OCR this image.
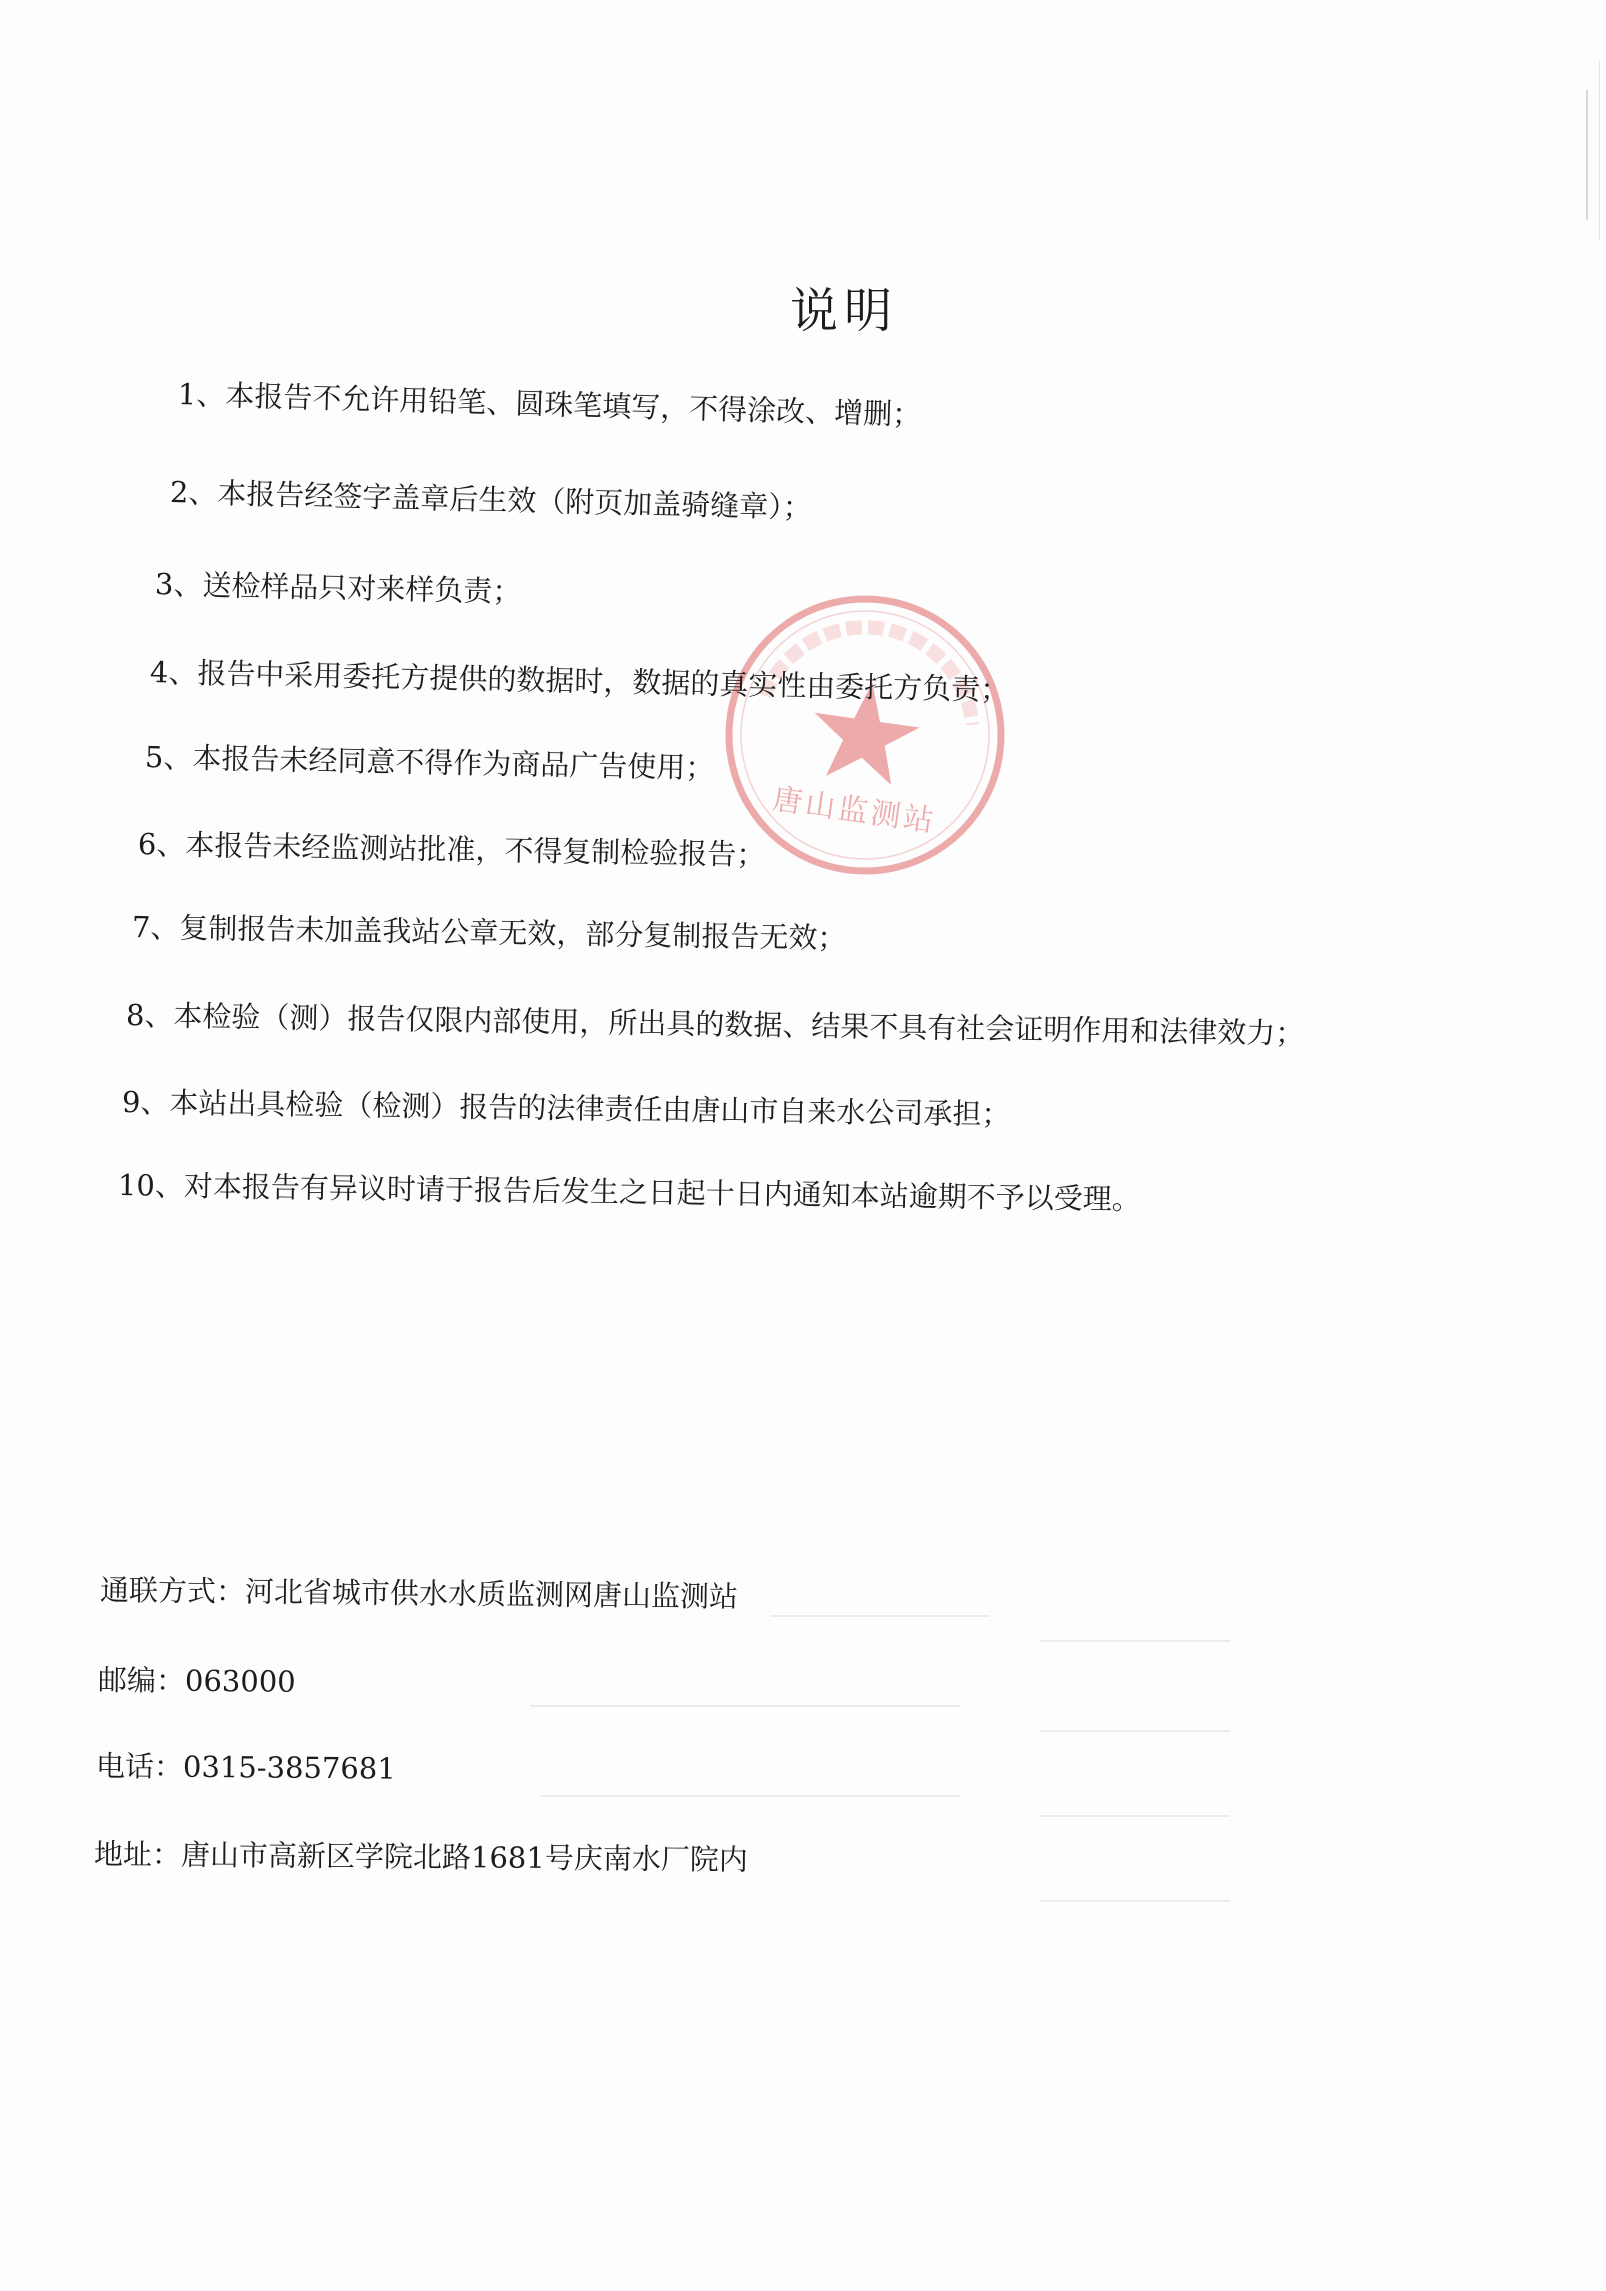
唐山监测站
说明
1、本报告不允许用铅笔、圆珠笔填写，不得涂改、增删；
2、本报告经签字盖章后生效（附页加盖骑缝章）；
3、送检样品只对来样负责；
4、报告中采用委托方提供的数据时，数据的真实性由委托方负责；
5、本报告未经同意不得作为商品广告使用；
6、本报告未经监测站批准，不得复制检验报告；
7、复制报告未加盖我站公章无效，部分复制报告无效；
8、本检验（测）报告仅限内部使用，所出具的数据、结果不具有社会证明作用和法律效力；
9、本站出具检验（检测）报告的法律责任由唐山市自来水公司承担；
10、对本报告有异议时请于报告后发生之日起十日内通知本站逾期不予以受理。
通联方式：河北省城市供水水质监测网唐山监测站
邮编：063000
电话：0315-3857681
地址：唐山市高新区学院北路1681号庆南水厂院内
